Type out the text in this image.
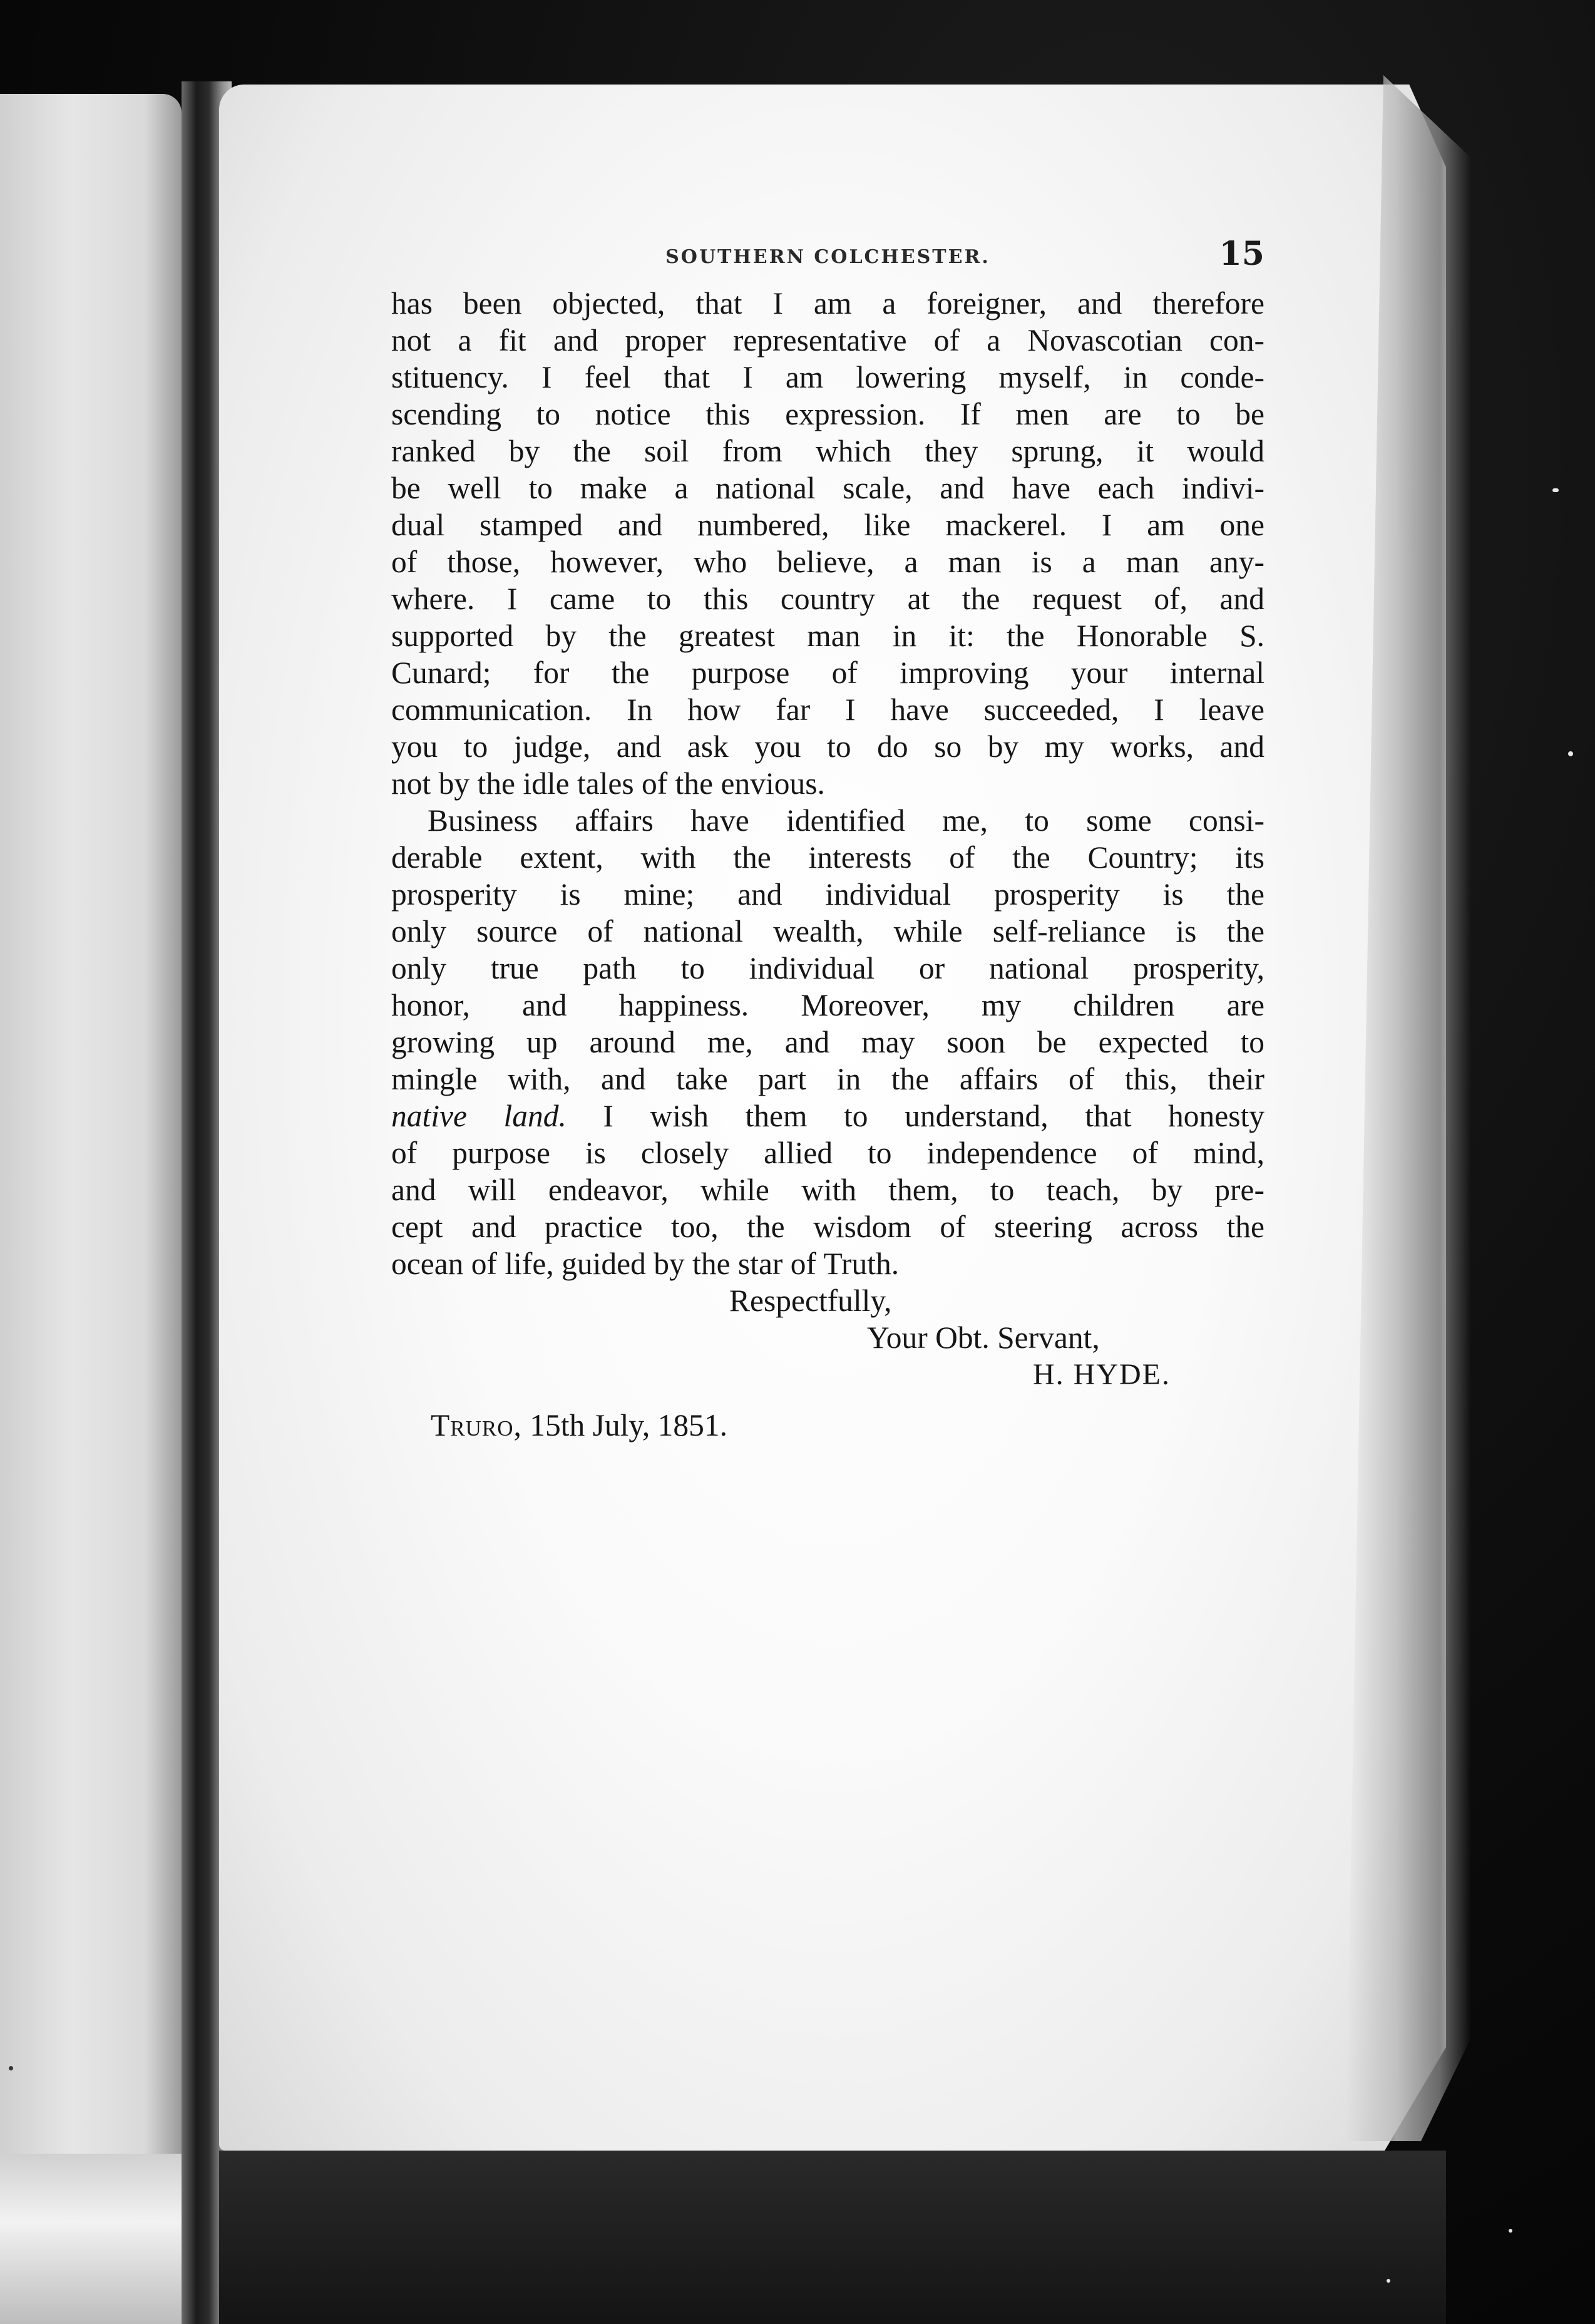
SOUTHERN COLCHESTER.	15

has been objected, that I am a foreigner, and therefore
not a fit and proper representative of a Novascotian con-
stituency. I feel that I am lowering myself, in conde-
scending to notice this expression. If men are to be
ranked by the soil from which they sprung, it would
be well to make a national scale, and have each indivi-
dual stamped and numbered, like mackerel. I am one
of those, however, who believe, a man is a man any-
where. I came to this country at the request of, and
supported by the greatest man in it: the Honorable S.
Cunard; for the purpose of improving your internal
communication. In how far I have succeeded, I leave
you to judge, and ask you to do so by my works, and
not by the idle tales of the envious.

Business affairs have identified me, to some consi-
derable extent, with the interests of the Country; its
prosperity is mine; and individual prosperity is the
only source of national wealth, while self-reliance is the
only true path to individual or national prosperity,
honor, and happiness. Moreover, my children are
growing up around me, and may soon be expected to
mingle with, and take part in the affairs of this, their
native land. I wish them to understand, that honesty
of purpose is closely allied to independence of mind,
and will endeavor, while with them, to teach, by pre-
cept and practice too, the wisdom of steering across the
ocean of life, guided by the star of Truth.

Respectfully,
Your Obt. Servant,
H. HYDE.
Truro, 15th July, 1851.
